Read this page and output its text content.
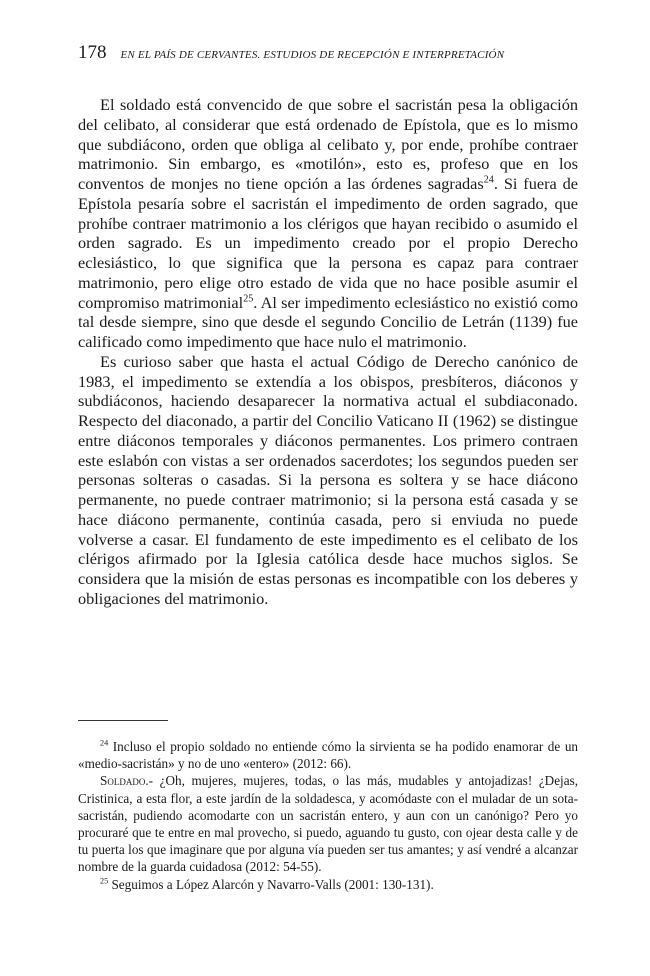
178 EN EL PAÍS DE CERVANTES. ESTUDIOS DE RECEPCIÓN E INTERPRETACIÓN

El soldado está convencido de que sobre el sacristán pesa la obligación del celibato, al considerar que está ordenado de Epístola, que es lo mismo que subdiácono, orden que obliga al celibato y, por ende, prohíbe contraer matrimonio. Sin embargo, es «motilón», esto es, profeso que en los conventos de monjes no tiene opción a las órdenes sagradas$^{24}$. Si fuera de Epístola pesaría sobre el sacristán el impedimento de orden sagrado, que prohíbe contraer matrimonio a los clérigos que hayan recibido o asumido el orden sagrado. Es un impedimento creado por el propio Derecho eclesiástico, lo que significa que la persona es capaz para contraer matrimonio, pero elige otro estado de vida que no hace posible asumir el compromiso matrimonial$^{25}$. Al ser impedimento eclesiástico no existió como tal desde siempre, sino que desde el segundo Concilio de Letrán (1139) fue calificado como impedimento que hace nulo el matrimonio.

Es curioso saber que hasta el actual Código de Derecho canónico de 1983, el impedimento se extendía a los obispos, presbíteros, diáconos y subdiáconos, haciendo desaparecer la normativa actual el subdiaconado. Respecto del diaconado, a partir del Concilio Vaticano II (1962) se distingue entre diáconos temporales y diáconos permanentes. Los primero contraen este eslabón con vistas a ser ordenados sacerdotes; los segundos pueden ser personas solteras o casadas. Si la persona es soltera y se hace diácono permanente, no puede contraer matrimonio; si la persona está casada y se hace diácono permanente, continúa casada, pero si enviuda no puede volverse a casar. El fundamento de este impedimento es el celibato de los clérigos afirmado por la Iglesia católica desde hace muchos siglos. Se considera que la misión de estas personas es incompatible con los deberes y obligaciones del matrimonio.

$^{24}$ Incluso el propio soldado no entiende cómo la sirvienta se ha podido enamorar de un «medio-sacristán» y no de uno «entero» (2012: 66).

Soldado.- ¿Oh, mujeres, mujeres, todas, o las más, mudables y antojadizas! ¿Dejas, Cristinica, a esta flor, a este jardín de la soldadesca, y acomódaste con el muladar de un sota-sacristán, pudiendo acomodarte con un sacristán entero, y aun con un canónigo? Pero yo procuraré que te entre en mal provecho, si puedo, aguando tu gusto, con ojear desta calle y de tu puerta los que imaginare que por alguna vía pueden ser tus amantes; y así vendré a alcanzar nombre de la guarda cuidadosa (2012: 54-55).

$^{25}$ Seguimos a López Alarcón y Navarro-Valls (2001: 130-131).
